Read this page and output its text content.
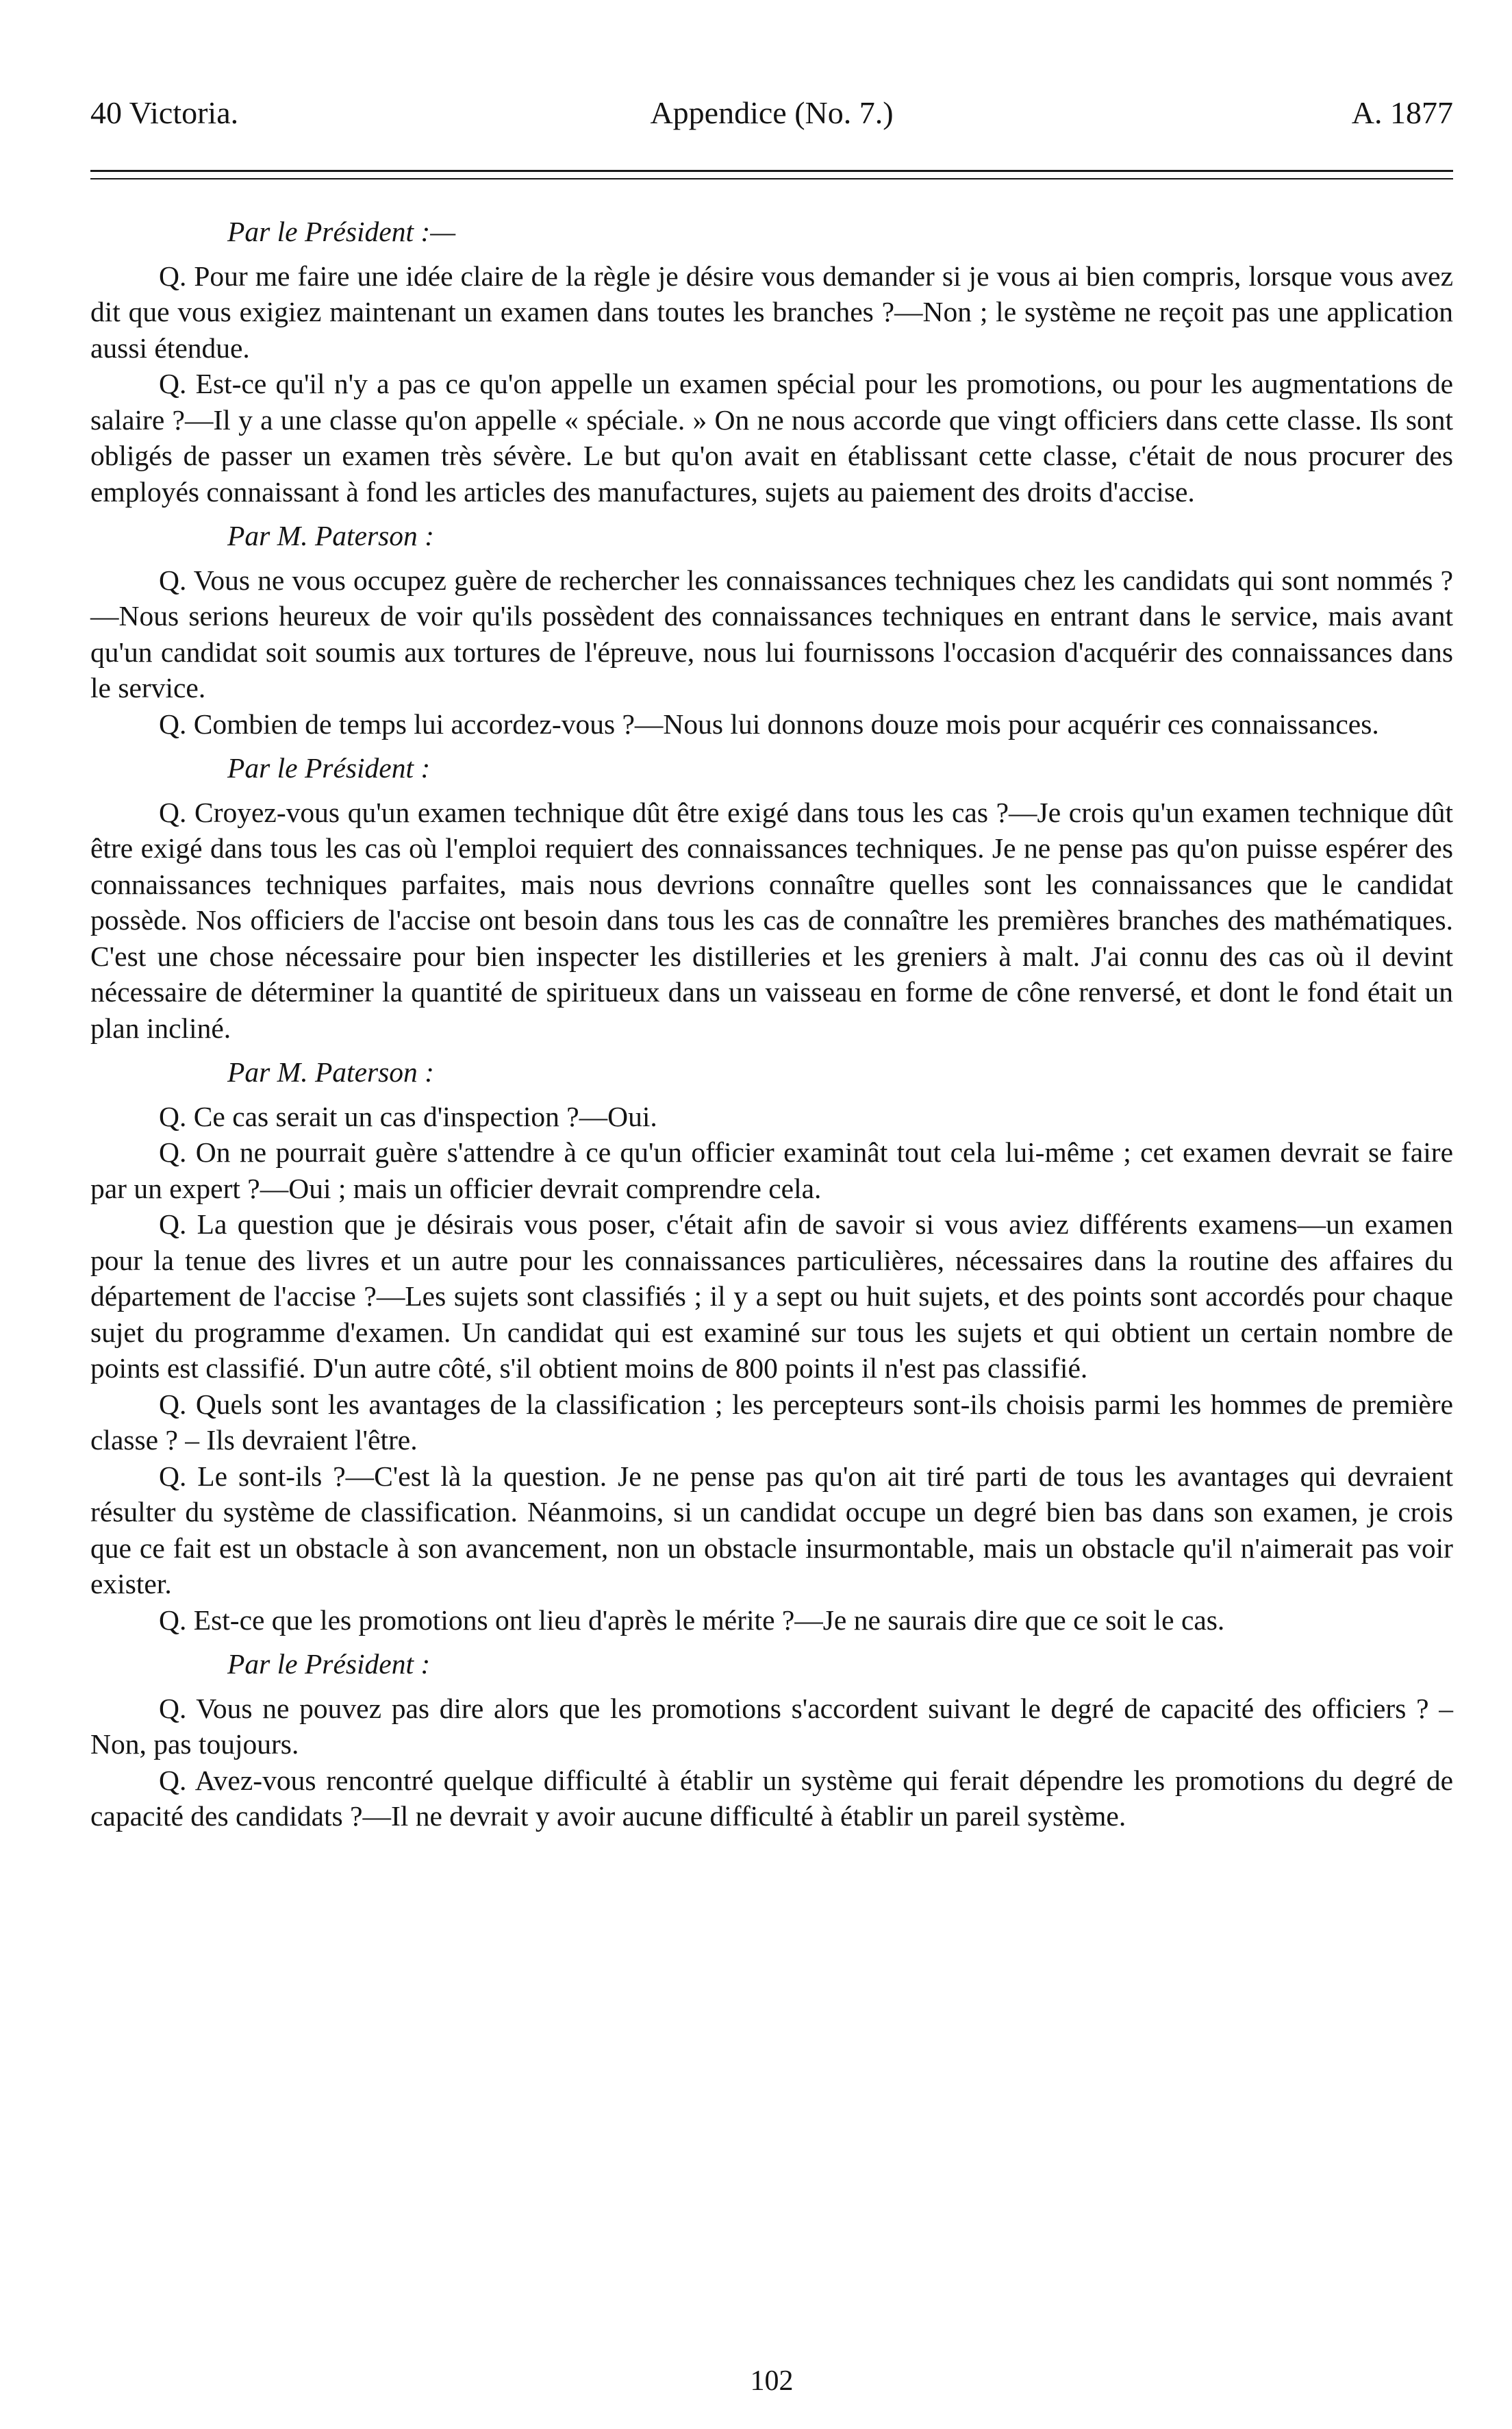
40 Victoria.	Appendice (No. 7.)	A. 1877
Par le Président :—

Q. Pour me faire une idée claire de la règle je désire vous demander si je vous ai bien compris, lorsque vous avez dit que vous exigiez maintenant un examen dans toutes les branches ?—Non ; le système ne reçoit pas une application aussi étendue.

Q. Est-ce qu'il n'y a pas ce qu'on appelle un examen spécial pour les promotions, ou pour les augmentations de salaire ?—Il y a une classe qu'on appelle « spéciale. » On ne nous accorde que vingt officiers dans cette classe. Ils sont obligés de passer un examen très sévère. Le but qu'on avait en établissant cette classe, c'était de nous procurer des employés connaissant à fond les articles des manufactures, sujets au paiement des droits d'accise.

Par M. Paterson :

Q. Vous ne vous occupez guère de rechercher les connaissances techniques chez les candidats qui sont nommés ?—Nous serions heureux de voir qu'ils possèdent des connaissances techniques en entrant dans le service, mais avant qu'un candidat soit soumis aux tortures de l'épreuve, nous lui fournissons l'occasion d'acquérir des connaissances dans le service.

Q. Combien de temps lui accordez-vous ?—Nous lui donnons douze mois pour acquérir ces connaissances.

Par le Président :

Q. Croyez-vous qu'un examen technique dût être exigé dans tous les cas ?—Je crois qu'un examen technique dût être exigé dans tous les cas où l'emploi requiert des connaissances techniques. Je ne pense pas qu'on puisse espérer des connaissances techniques parfaites, mais nous devrions connaître quelles sont les connaissances que le candidat possède. Nos officiers de l'accise ont besoin dans tous les cas de connaître les premières branches des mathématiques. C'est une chose nécessaire pour bien inspecter les distilleries et les greniers à malt. J'ai connu des cas où il devint nécessaire de déterminer la quantité de spiritueux dans un vaisseau en forme de cône renversé, et dont le fond était un plan incliné.

Par M. Paterson :

Q. Ce cas serait un cas d'inspection ?—Oui.

Q. On ne pourrait guère s'attendre à ce qu'un officier examinât tout cela lui-même ; cet examen devrait se faire par un expert ?—Oui ; mais un officier devrait comprendre cela.

Q. La question que je désirais vous poser, c'était afin de savoir si vous aviez différents examens—un examen pour la tenue des livres et un autre pour les connaissances particulières, nécessaires dans la routine des affaires du département de l'accise ?—Les sujets sont classifiés ; il y a sept ou huit sujets, et des points sont accordés pour chaque sujet du programme d'examen. Un candidat qui est examiné sur tous les sujets et qui obtient un certain nombre de points est classifié. D'un autre côté, s'il obtient moins de 800 points il n'est pas classifié.

Q. Quels sont les avantages de la classification ; les percepteurs sont-ils choisis parmi les hommes de première classe ? – Ils devraient l'être.

Q. Le sont-ils ?—C'est là la question. Je ne pense pas qu'on ait tiré parti de tous les avantages qui devraient résulter du système de classification. Néanmoins, si un candidat occupe un degré bien bas dans son examen, je crois que ce fait est un obstacle à son avancement, non un obstacle insurmontable, mais un obstacle qu'il n'aimerait pas voir exister.

Q. Est-ce que les promotions ont lieu d'après le mérite ?—Je ne saurais dire que ce soit le cas.

Par le Président :

Q. Vous ne pouvez pas dire alors que les promotions s'accordent suivant le degré de capacité des officiers ? – Non, pas toujours.

Q. Avez-vous rencontré quelque difficulté à établir un système qui ferait dépendre les promotions du degré de capacité des candidats ?—Il ne devrait y avoir aucune difficulté à établir un pareil système.

102
